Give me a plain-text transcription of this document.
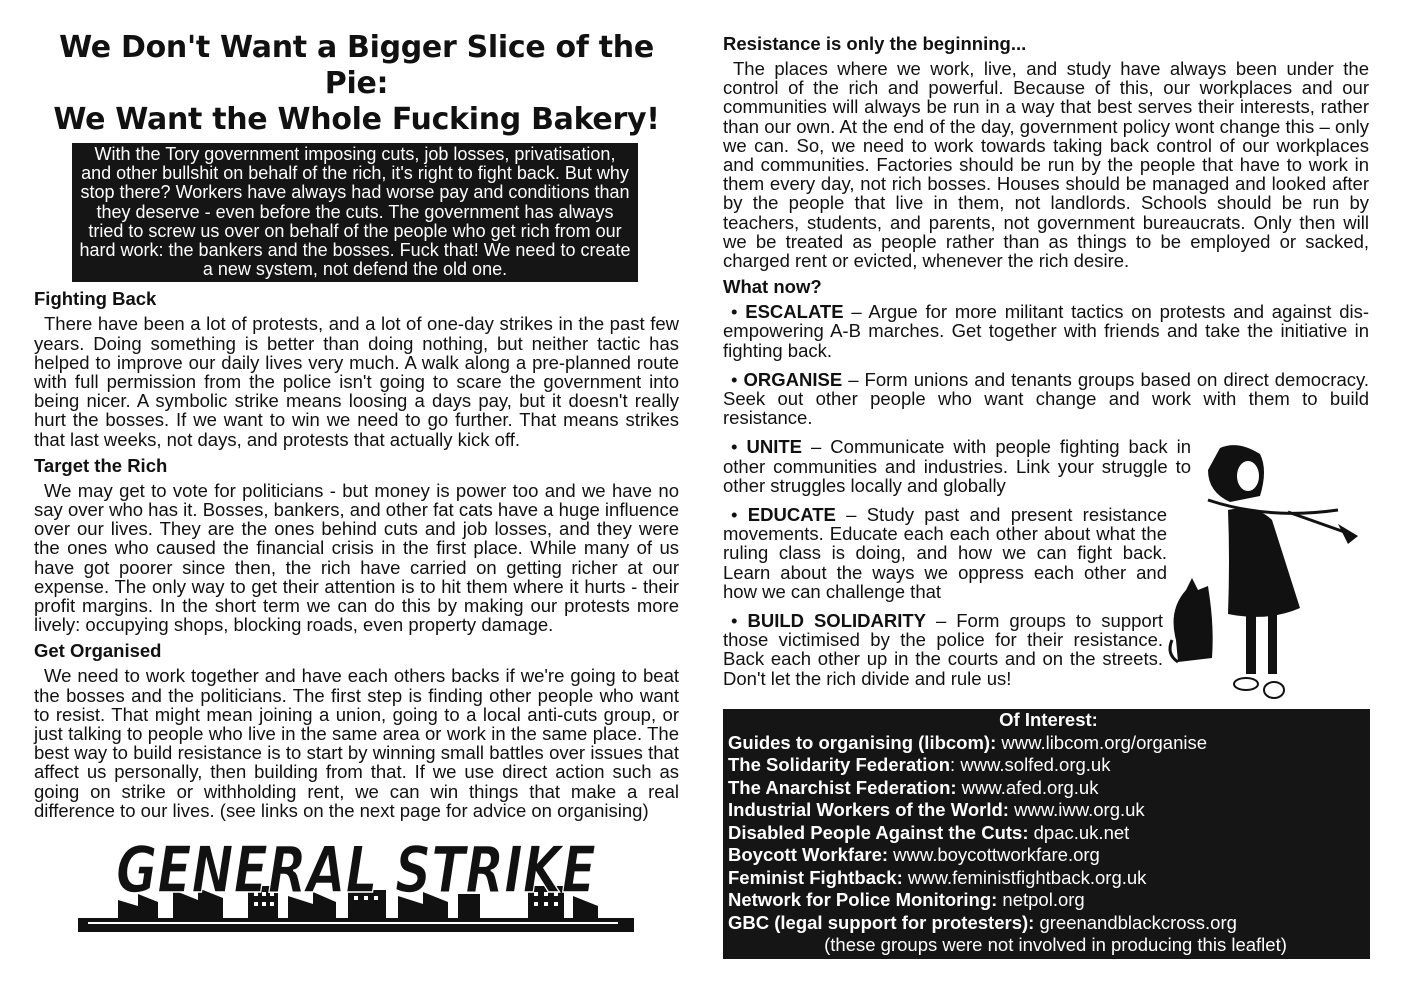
We Don't Want a Bigger Slice of the Pie:
We Want the Whole Fucking Bakery!
With the Tory government imposing cuts, job losses, privatisation, and other bullshit on behalf of the rich, it's right to fight back. But why stop there? Workers have always had worse pay and conditions than they deserve - even before the cuts. The government has always tried to screw us over on behalf of the people who get rich from our hard work: the bankers and the bosses. Fuck that! We need to create a new system, not defend the old one.
Fighting Back

There have been a lot of protests, and a lot of one-day strikes in the past few years. Doing something is better than doing nothing, but neither tactic has helped to improve our daily lives very much. A walk along a pre-planned route with full permission from the police isn't going to scare the government into being nicer. A symbolic strike means loosing a days pay, but it doesn't really hurt the bosses. If we want to win we need to go further. That means strikes that last weeks, not days, and protests that actually kick off.

Target the Rich

We may get to vote for politicians - but money is power too and we have no say over who has it. Bosses, bankers, and other fat cats have a huge influence over our lives. They are the ones behind cuts and job losses, and they were the ones who caused the financial crisis in the first place. While many of us have got poorer since then, the rich have carried on getting richer at our expense. The only way to get their attention is to hit them where it hurts - their profit margins. In the short term we can do this by making our protests more lively: occupying shops, blocking roads, even property damage.

Get Organised

We need to work together and have each others backs if we're going to beat the bosses and the politicians. The first step is finding other people who want to resist. That might mean joining a union, going to a local anti-cuts group, or just talking to people who live in the same area or work in the same place. The best way to build resistance is to start by winning small battles over issues that affect us personally, then building from that. If we use direct action such as going on strike or withholding rent, we can win things that make a real difference to our lives. (see links on the next page for advice on organising)

GENERAL STRIKE
Resistance is only the beginning...

The places where we work, live, and study have always been under the control of the rich and powerful. Because of this, our workplaces and our communities will always be run in a way that best serves their interests, rather than our own. At the end of the day, government policy wont change this – only we can. So, we need to work towards taking back control of our workplaces and communities. Factories should be run by the people that have to work in them every day, not rich bosses. Houses should be managed and looked after by the people that live in them, not landlords. Schools should be run by teachers, students, and parents, not government bureaucrats. Only then will we be treated as people rather than as things to be employed or sacked, charged rent or evicted, whenever the rich desire.

What now?
• ESCALATE – Argue for more militant tactics on protests and against dis-empowering A-B marches. Get together with friends and take the initiative in fighting back.
• ORGANISE – Form unions and tenants groups based on direct democracy. Seek out other people who want change and work with them to build resistance.
• UNITE – Communicate with people fighting back in other communities and industries. Link your struggle to other struggles locally and globally
• EDUCATE – Study past and present resistance movements. Educate each each other about what the ruling class is doing, and how we can fight back. Learn about the ways we oppress each other and how we can challenge that
• BUILD SOLIDARITY – Form groups to support those victimised by the police for their resistance. Back each other up in the courts and on the streets. Don't let the rich divide and rule us!
Of Interest:
Guides to organising (libcom): www.libcom.org/organise
The Solidarity Federation: www.solfed.org.uk
The Anarchist Federation: www.afed.org.uk
Industrial Workers of the World: www.iww.org.uk
Disabled People Against the Cuts: dpac.uk.net
Boycott Workfare: www.boycottworkfare.org
Feminist Fightback: www.feministfightback.org.uk
Network for Police Monitoring: netpol.org
GBC (legal support for protesters): greenandblackcross.org
(these groups were not involved in producing this leaflet)
